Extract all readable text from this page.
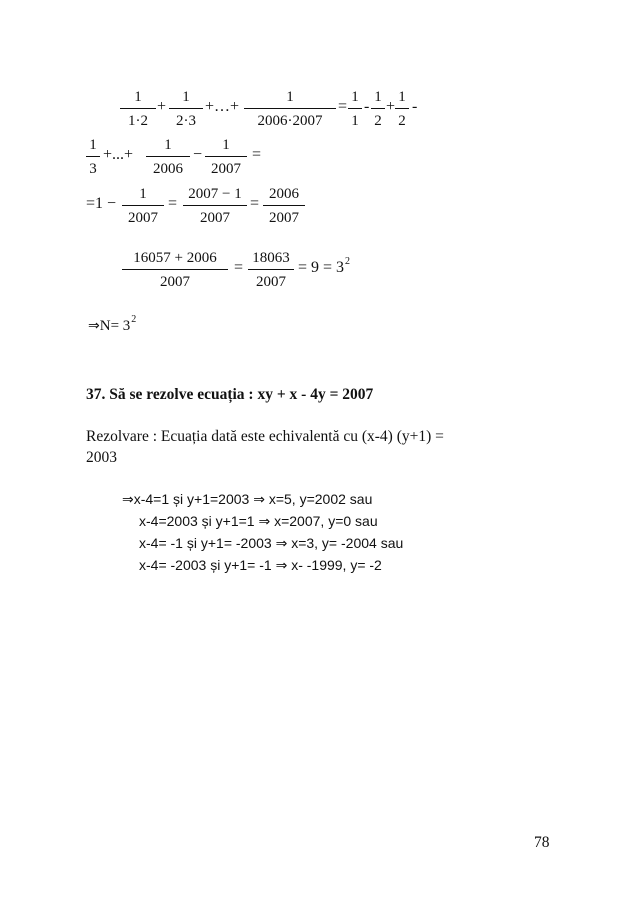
1
1·2
+
1
2·3
+…+
1
2006·2007
=
1
1
-
1
2
+
1
2
-
1
3
+...+
1
2006
−
1
2007
=
=1 −
1
2007
=
2007 − 1
2007
=
2006
2007
16057 + 2006
2007
=
18063
2007
= $9 = 3^2$
⇒N= $3^2$
37. Să se rezolve ecuația : xy + x - 4y = 2007
Rezolvare : Ecuația dată este echivalentă cu (x-4) (y+1) =
2003
⇒x-4=1 și y+1=2003 ⇒ x=5, y=2002 sau
x-4=2003 și y+1=1 ⇒ x=2007, y=0 sau
x-4= -1 și y+1= -2003 ⇒ x=3, y= -2004 sau
x-4= -2003 și y+1= -1 ⇒ x- -1999, y= -2
78
